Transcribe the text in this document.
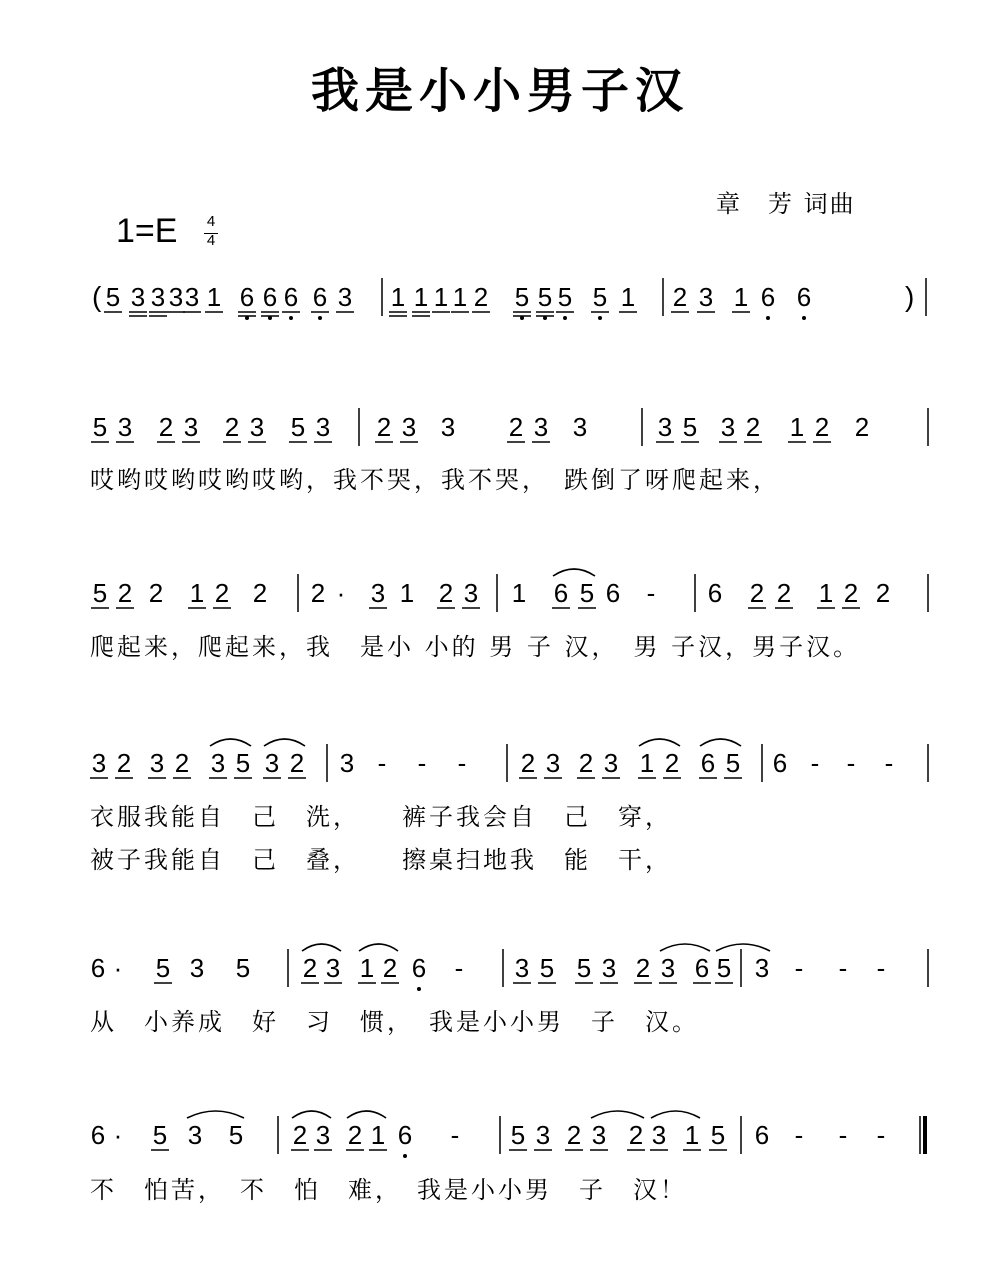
我是小小男子汉
章　芳 词曲
1=E 4
4
5 3 3 3 3 1 6 6 6 6 3 1 1 1 1 2 5 5 5 5 1 2 3 1 6 6
(	)
5 3 2 3 2 3 5 3 2 3 3 2 3 3	3 5 3 2 1 2 2
哎哟哎哟哎哟哎哟，我不哭，我不哭，　跌倒了呀爬起来，
5 2 2 1 2 2 2 · 3 1 2 3 1 6 5 6 - 6 2 2 1 2 2
爬起来，爬起来，我　是小 小的 男 子 汉，　男 子汉，男子汉。
3 2 3 2 3 5 3 2 3 - - - 2 3 2 3 1 2 6 5 6 - - -
衣服我能自　己　洗，　　裤子我会自　己　穿，
被子我能自　己　叠，　　擦桌扫地我　能　干，
6 · 5 3 5 2 3 1 2 6 - 3 5 5 3 2 3 6 5 3 - - -
从　小养成　好　习　惯，　我是小小男　子　汉。
6 · 5 3 5 2 3 2 1 6 - 5 3 2 3 2 3 1 5 6 - - -
不　怕苦，　不　怕　难，　我是小小男　子　汉！
